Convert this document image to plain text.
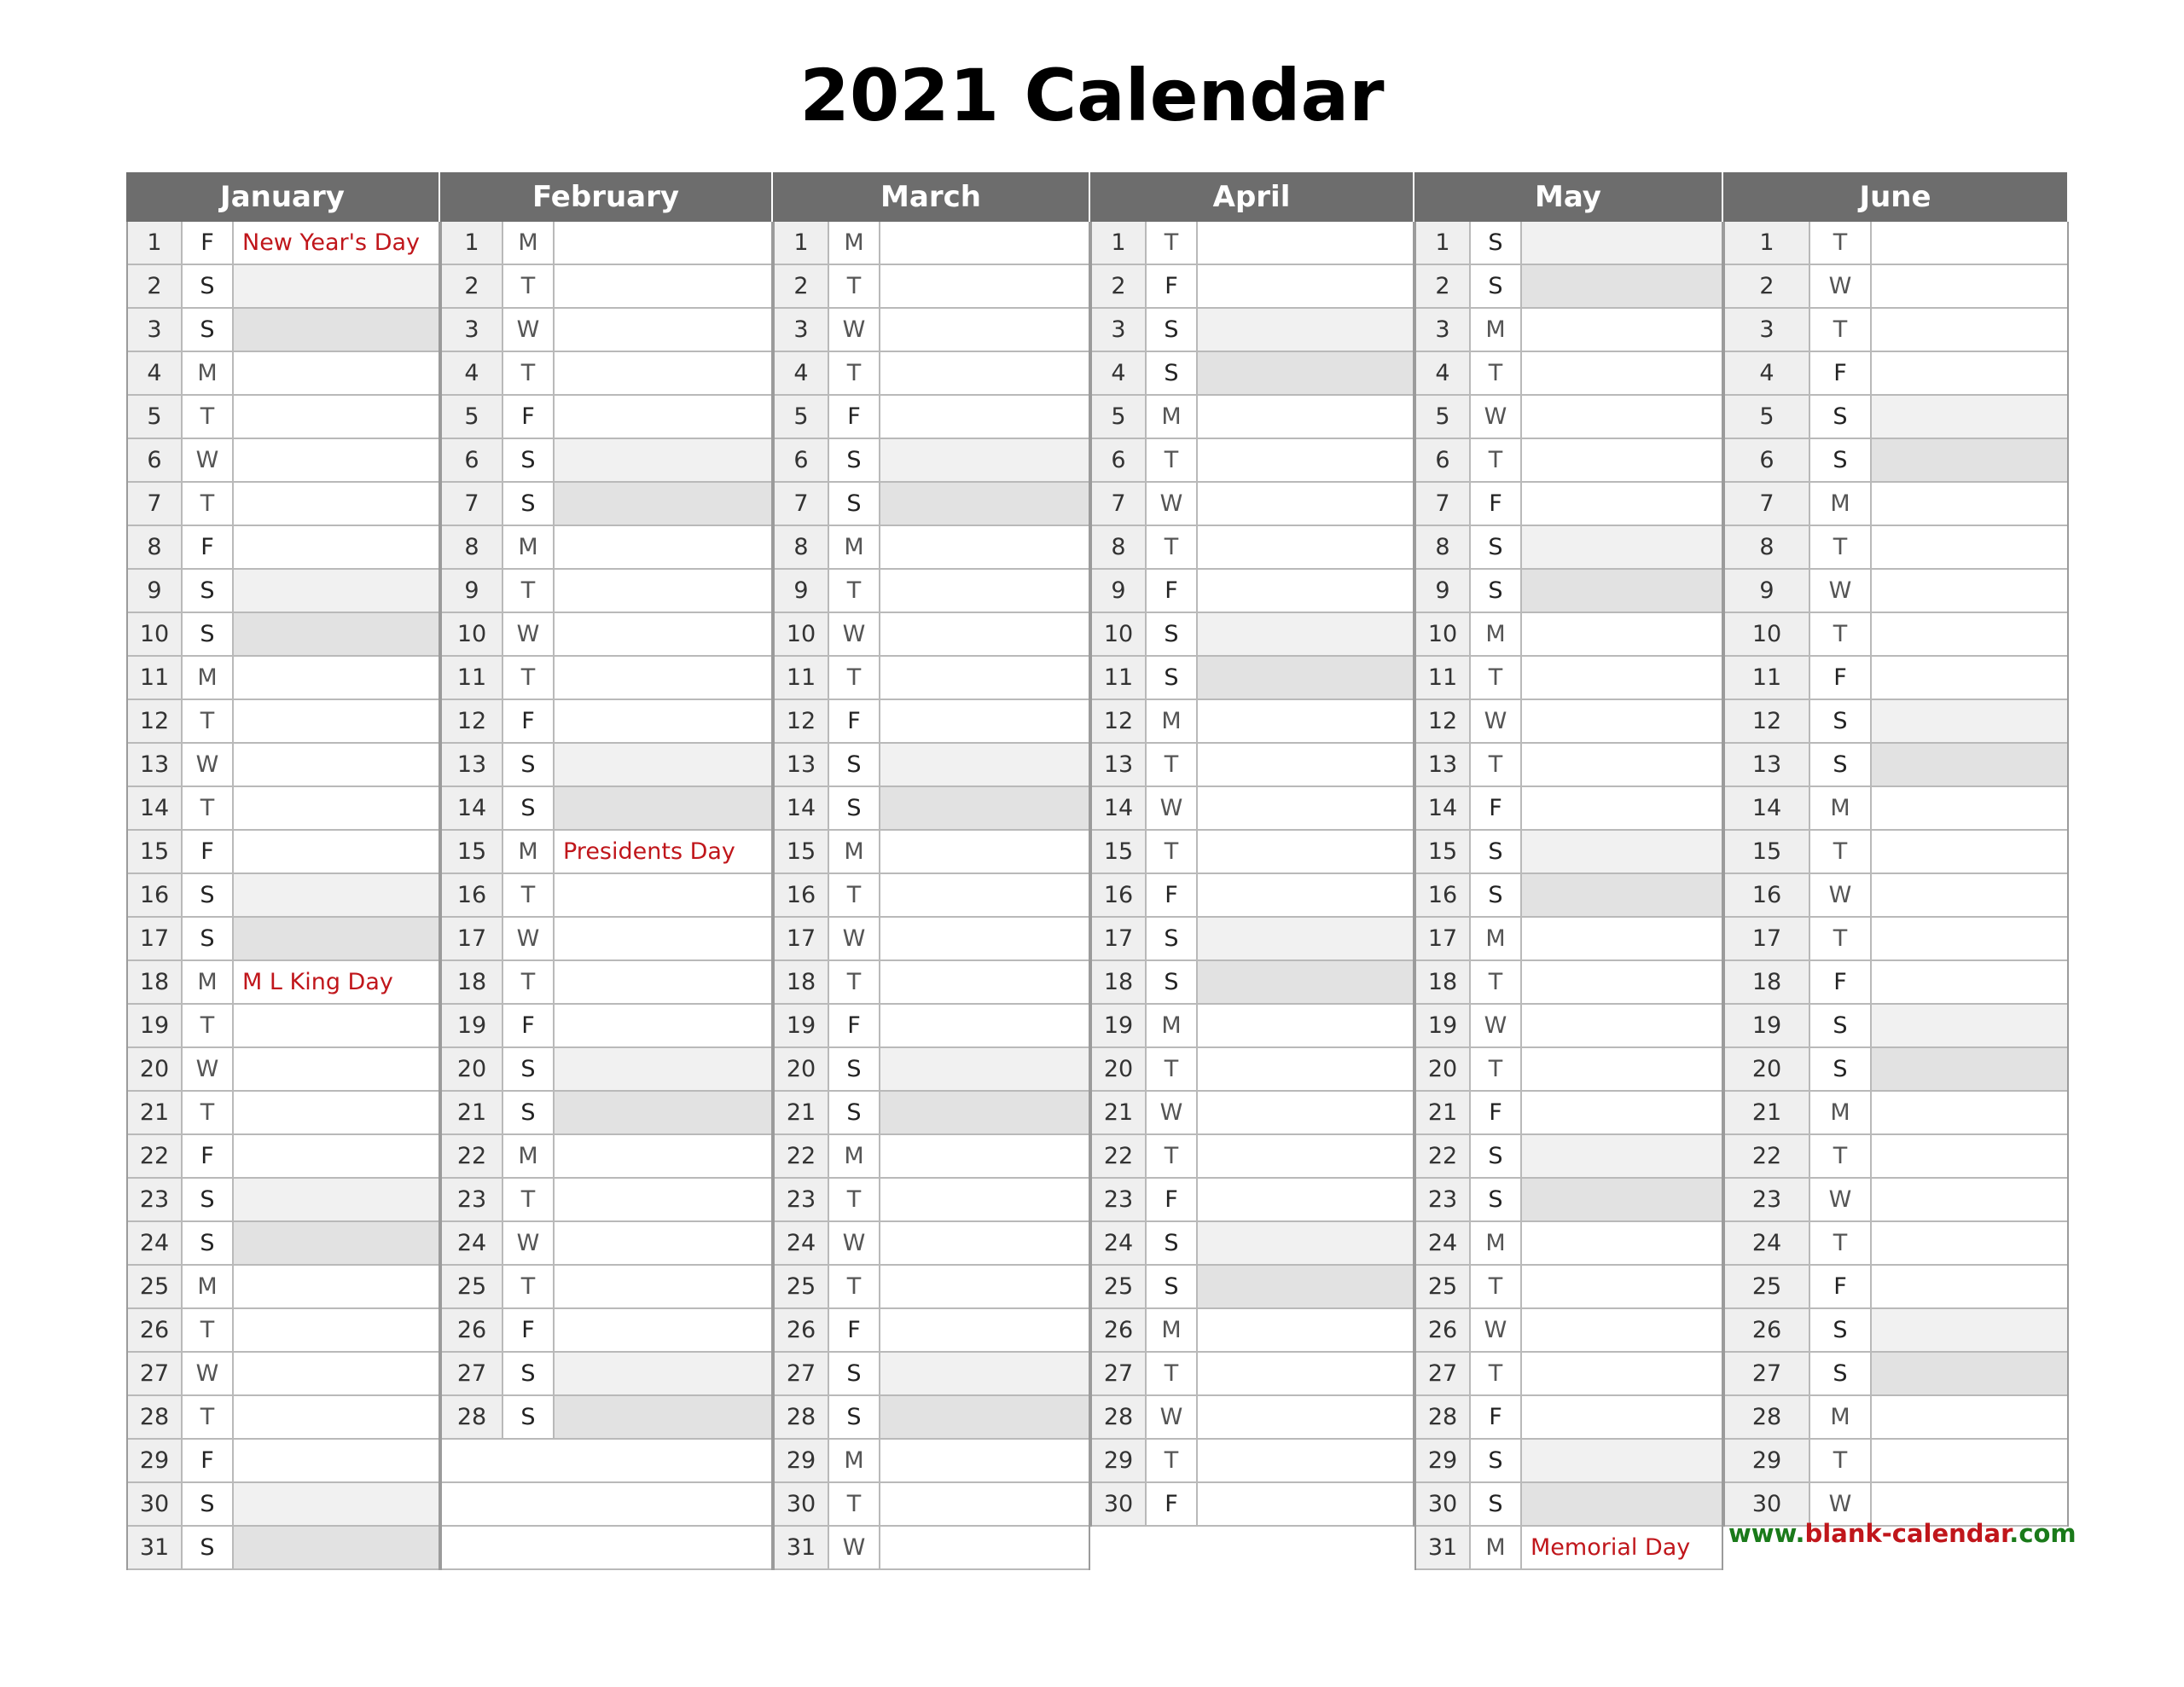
2021 Calendar
January
1	F	New Year's Day
2	S
3	S
4	M
5	T
6	W
7	T
8	F
9	S
10	S
11	M
12	T
13	W
14	T
15	F
16	S
17	S
18	M	M L King Day
19	T
20	W
21	T
22	F
23	S
24	S
25	M
26	T
27	W
28	T
29	F
30	S
31	S
February
1	M
2	T
3	W
4	T
5	F
6	S
7	S
8	M
9	T
10	W
11	T
12	F
13	S
14	S
15	M	Presidents Day
16	T
17	W
18	T
19	F
20	S
21	S
22	M
23	T
24	W
25	T
26	F
27	S
28	S
March
1	M
2	T
3	W
4	T
5	F
6	S
7	S
8	M
9	T
10	W
11	T
12	F
13	S
14	S
15	M
16	T
17	W
18	T
19	F
20	S
21	S
22	M
23	T
24	W
25	T
26	F
27	S
28	S
29	M
30	T
31	W
April
1	T
2	F
3	S
4	S
5	M
6	T
7	W
8	T
9	F
10	S
11	S
12	M
13	T
14	W
15	T
16	F
17	S
18	S
19	M
20	T
21	W
22	T
23	F
24	S
25	S
26	M
27	T
28	W
29	T
30	F
May
1	S
2	S
3	M
4	T
5	W
6	T
7	F
8	S
9	S
10	M
11	T
12	W
13	T
14	F
15	S
16	S
17	M
18	T
19	W
20	T
21	F
22	S
23	S
24	M
25	T
26	W
27	T
28	F
29	S
30	S
31	M	Memorial Day
June
1	T
2	W
3	T
4	F
5	S
6	S
7	M
8	T
9	W
10	T
11	F
12	S
13	S
14	M
15	T
16	W
17	T
18	F
19	S
20	S
21	M
22	T
23	W
24	T
25	F
26	S
27	S
28	M
29	T
30	W
www.blank-calendar.com
